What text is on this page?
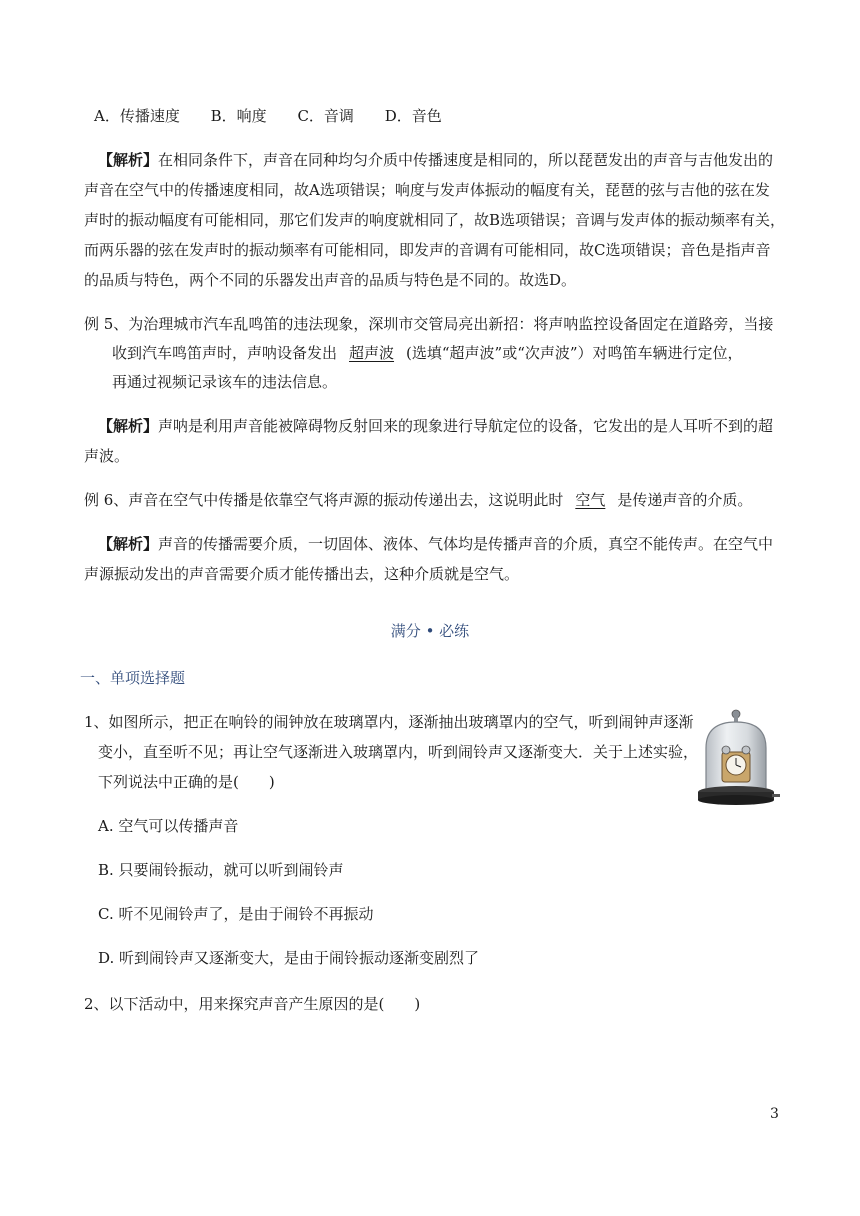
A．传播速度 B．响度 C．音调 D．音色
【解析】在相同条件下，声音在同种均匀介质中传播速度是相同的，所以琵琶发出的声音与吉他发出的
声音在空气中的传播速度相同，故A选项错误；响度与发声体振动的幅度有关，琵琶的弦与吉他的弦在发
声时的振动幅度有可能相同，那它们发声的响度就相同了，故B选项错误；音调与发声体的振动频率有关，
而两乐器的弦在发声时的振动频率有可能相同，即发声的音调有可能相同，故C选项错误；音色是指声音
的品质与特色，两个不同的乐器发出声音的品质与特色是不同的。故选D。
例 5、为治理城市汽车乱鸣笛的违法现象，深圳市交管局亮出新招：将声呐监控设备固定在道路旁，当接
收到汽车鸣笛声时，声呐设备发出 超声波 (选填“超声波”或“次声波”）对鸣笛车辆进行定位，
再通过视频记录该车的违法信息。
【解析】声呐是利用声音能被障碍物反射回来的现象进行导航定位的设备，它发出的是人耳听不到的超
声波。
例 6、声音在空气中传播是依靠空气将声源的振动传递出去，这说明此时 空气 是传递声音的介质。
【解析】声音的传播需要介质，一切固体、液体、气体均是传播声音的介质，真空不能传声。在空气中
声源振动发出的声音需要介质才能传播出去，这种介质就是空气。
满分 • 必练
一、单项选择题
1、如图所示，把正在响铃的闹钟放在玻璃罩内，逐渐抽出玻璃罩内的空气，听到闹钟声逐渐
变小，直至听不见；再让空气逐渐进入玻璃罩内，听到闹铃声又逐渐变大．关于上述实验，
下列说法中正确的是(　　)
A. 空气可以传播声音
B. 只要闹铃振动，就可以听到闹铃声
C. 听不见闹铃声了，是由于闹铃不再振动
D. 听到闹铃声又逐渐变大，是由于闹铃振动逐渐变剧烈了
2、以下活动中，用来探究声音产生原因的是(　　)
3
